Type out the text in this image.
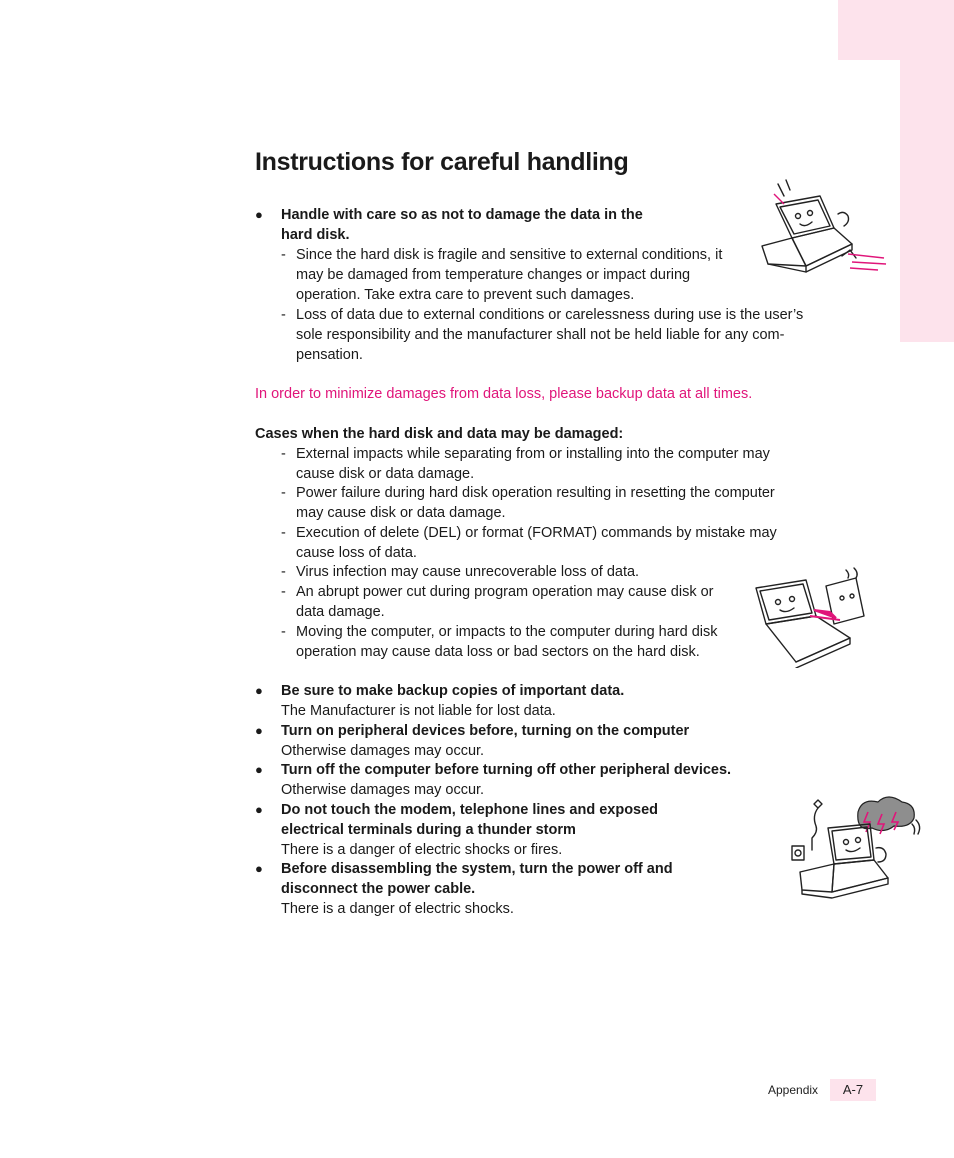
Instructions for careful handling
● Handle with care so as not to damage the data in the
hard disk.
- Since the hard disk is fragile and sensitive to external conditions, it
may be damaged from temperature changes or impact during
operation. Take extra care to prevent such damages.
- Loss of data due to external conditions or carelessness during use is the user’s
sole responsibility and the manufacturer shall not be held liable for any com-
pensation.
In order to minimize damages from data loss, please backup data at all times.
Cases when the hard disk and data may be damaged:
- External impacts while separating from or installing into the computer may
cause disk or data damage.
- Power failure during hard disk operation resulting in resetting the computer
may cause disk or data damage.
- Execution of delete (DEL) or format (FORMAT) commands by mistake may
cause loss of data.
- Virus infection may cause unrecoverable loss of data.
- An abrupt power cut during program operation may cause disk or
data damage.
- Moving the computer, or impacts to the computer during hard disk
operation may cause data loss or bad sectors on the hard disk.
● Be sure to make backup copies of important data.
The Manufacturer is not liable for lost data.
● Turn on peripheral devices before, turning on the computer
Otherwise damages may occur.
● Turn off the computer before turning off other peripheral devices.
Otherwise damages may occur.
● Do not touch the modem, telephone lines and exposed
electrical terminals during a thunder storm
There is a danger of electric shocks or fires.
● Before disassembling the system, turn the power off and
disconnect the power cable.
There is a danger of electric shocks.
Appendix	A-7
